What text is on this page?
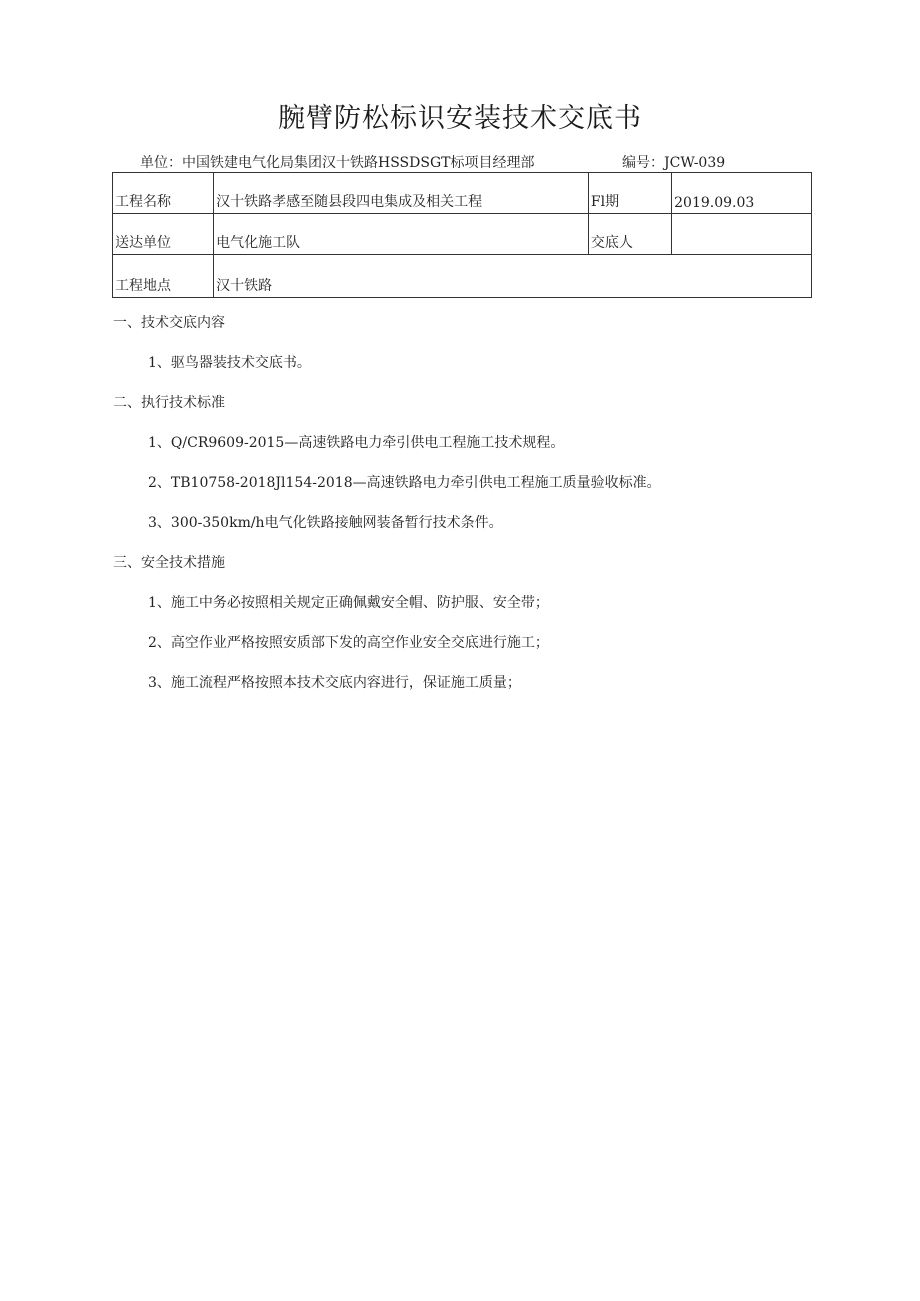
腕臂防松标识安装技术交底书
单位：中国铁建电气化局集团汉十铁路HSSDSGT标项目经理部	编号：JCW-039
工程名称	汉十铁路孝感至随县段四电集成及相关工程	Fl期	2019.09.03
送达单位	电气化施工队	交底人	
工程地点	汉十铁路		
一、技术交底内容
1、驱鸟器装技术交底书。
二、执行技术标准
1、Q/CR9609-2015—高速铁路电力牵引供电工程施工技术规程。
2、TB10758-2018Jl154-2018—高速铁路电力牵引供电工程施工质量验收标准。
3、300-350km/h电气化铁路接触网装备暂行技术条件。
三、安全技术措施
1、施工中务必按照相关规定正确佩戴安全帽、防护服、安全带；
2、高空作业严格按照安质部下发的高空作业安全交底进行施工；
3、施工流程严格按照本技术交底内容进行，保证施工质量；
